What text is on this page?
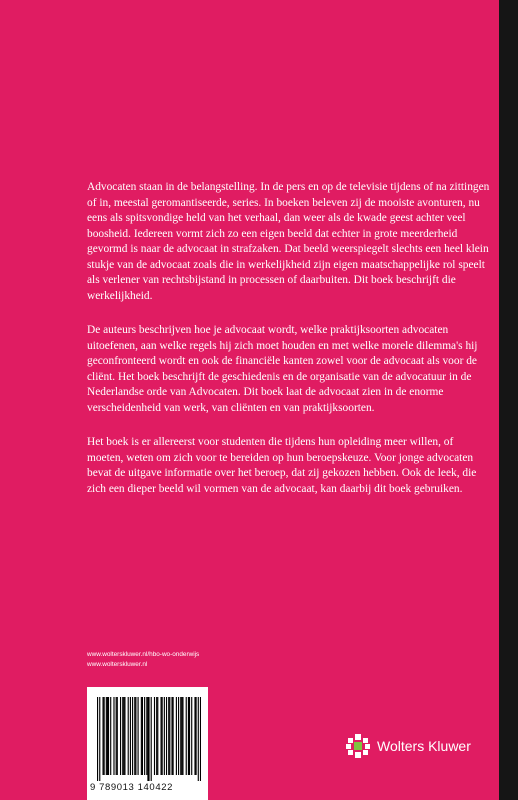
Advocaten staan in de belangstelling. In de pers en op de televisie tijdens of na zittingen of in, meestal geromantiseerde, series. In boeken beleven zij de mooiste avonturen, nu eens als spitsvondige held van het verhaal, dan weer als de kwade geest achter veel boosheid. Iedereen vormt zich zo een eigen beeld dat echter in grote meerderheid gevormd is naar de advocaat in strafzaken. Dat beeld weerspiegelt slechts een heel klein stukje van de advocaat zoals die in werkelijkheid zijn eigen maatschappelijke rol speelt als verlener van rechtsbijstand in processen of daarbuiten. Dit boek beschrijft die werkelijkheid.

De auteurs beschrijven hoe je advocaat wordt, welke praktijksoorten advocaten uitoefenen, aan welke regels hij zich moet houden en met welke morele dilemma's hij geconfronteerd wordt en ook de financiële kanten zowel voor de advocaat als voor de cliënt. Het boek beschrijft de geschiedenis en de organisatie van de advocatuur in de Nederlandse orde van Advocaten. Dit boek laat de advocaat zien in de enorme verscheidenheid van werk, van cliënten en van praktijksoorten.

Het boek is er allereerst voor studenten die tijdens hun opleiding meer willen, of moeten, weten om zich voor te bereiden op hun beroepskeuze. Voor jonge advocaten bevat de uitgave informatie over het beroep, dat zij gekozen hebben. Ook de leek, die zich een dieper beeld wil vormen van de advocaat, kan daarbij dit boek gebruiken.

www.wolterskluwer.nl/hbo-wo-onderwijs
www.wolterskluwer.nl
9 789013 140422
Wolters Kluwer
